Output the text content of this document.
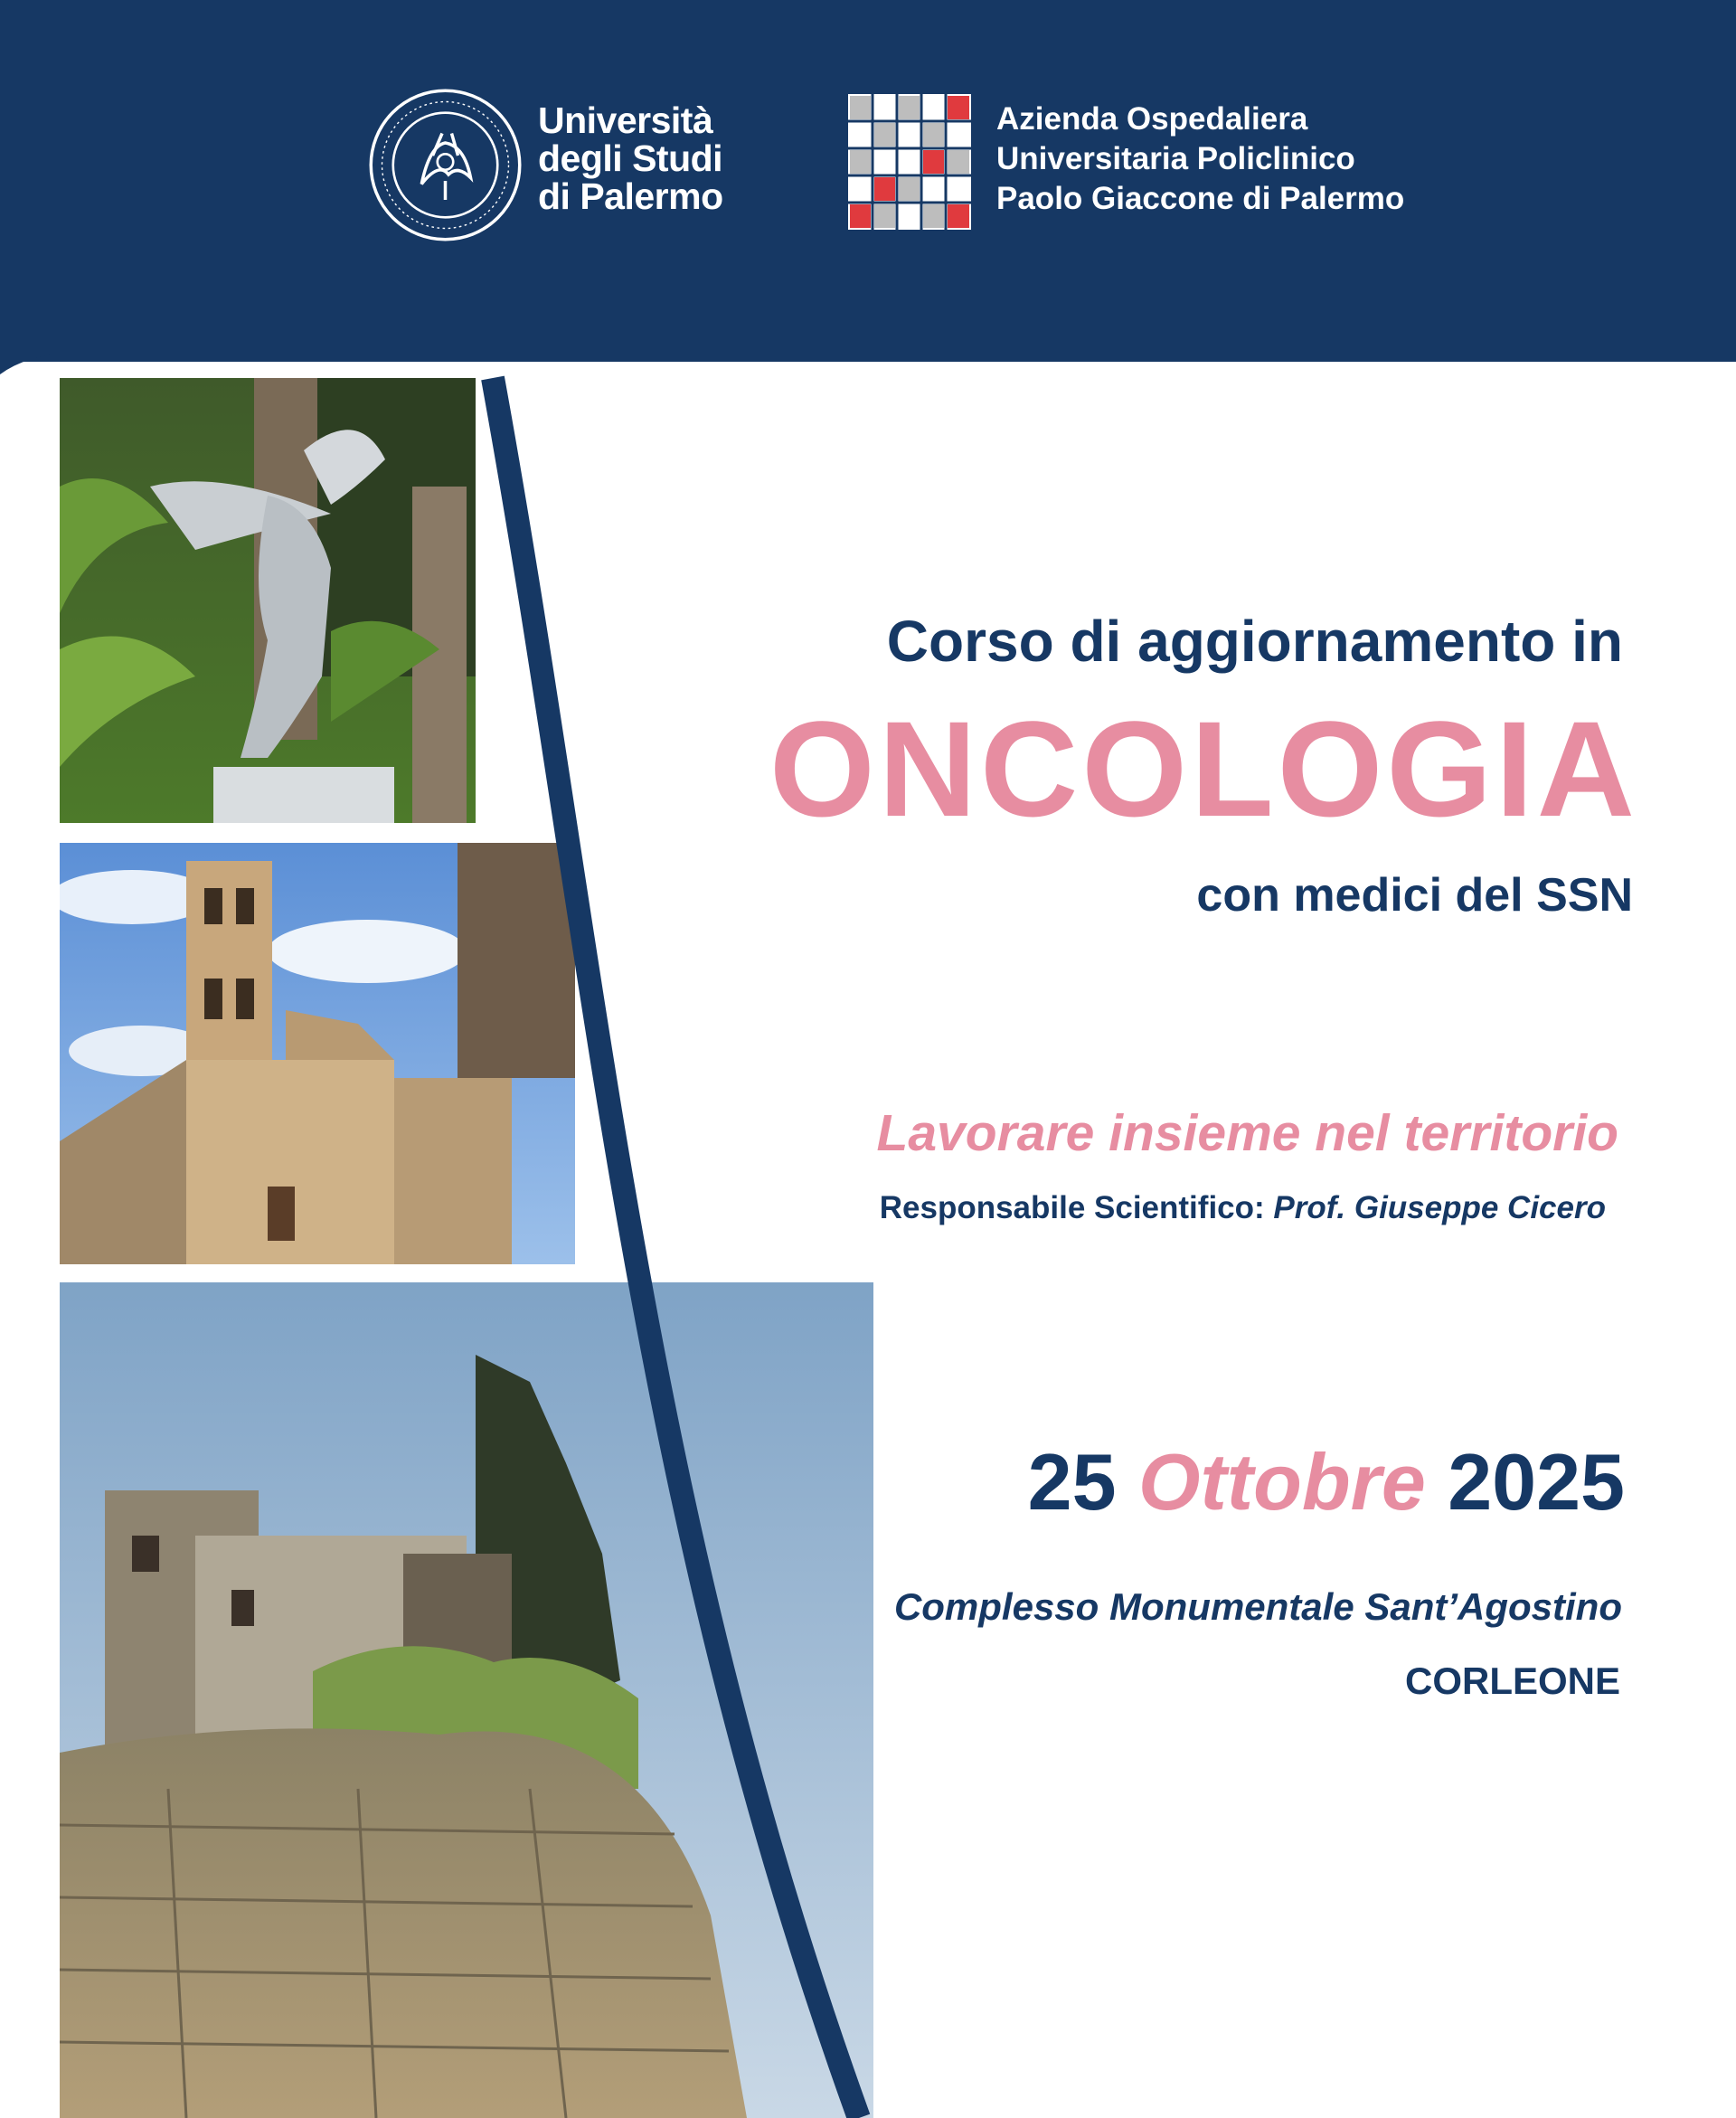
Università
degli Studi
di Palermo
Azienda Ospedaliera
Universitaria Policlinico
Paolo Giaccone di Palermo
Corso di aggiornamento in
ONCOLOGIA
con medici del SSN
Lavorare insieme nel territorio
Responsabile Scientifico: Prof. Giuseppe Cicero
25 Ottobre 2025
Complesso Monumentale Sant’Agostino
CORLEONE
